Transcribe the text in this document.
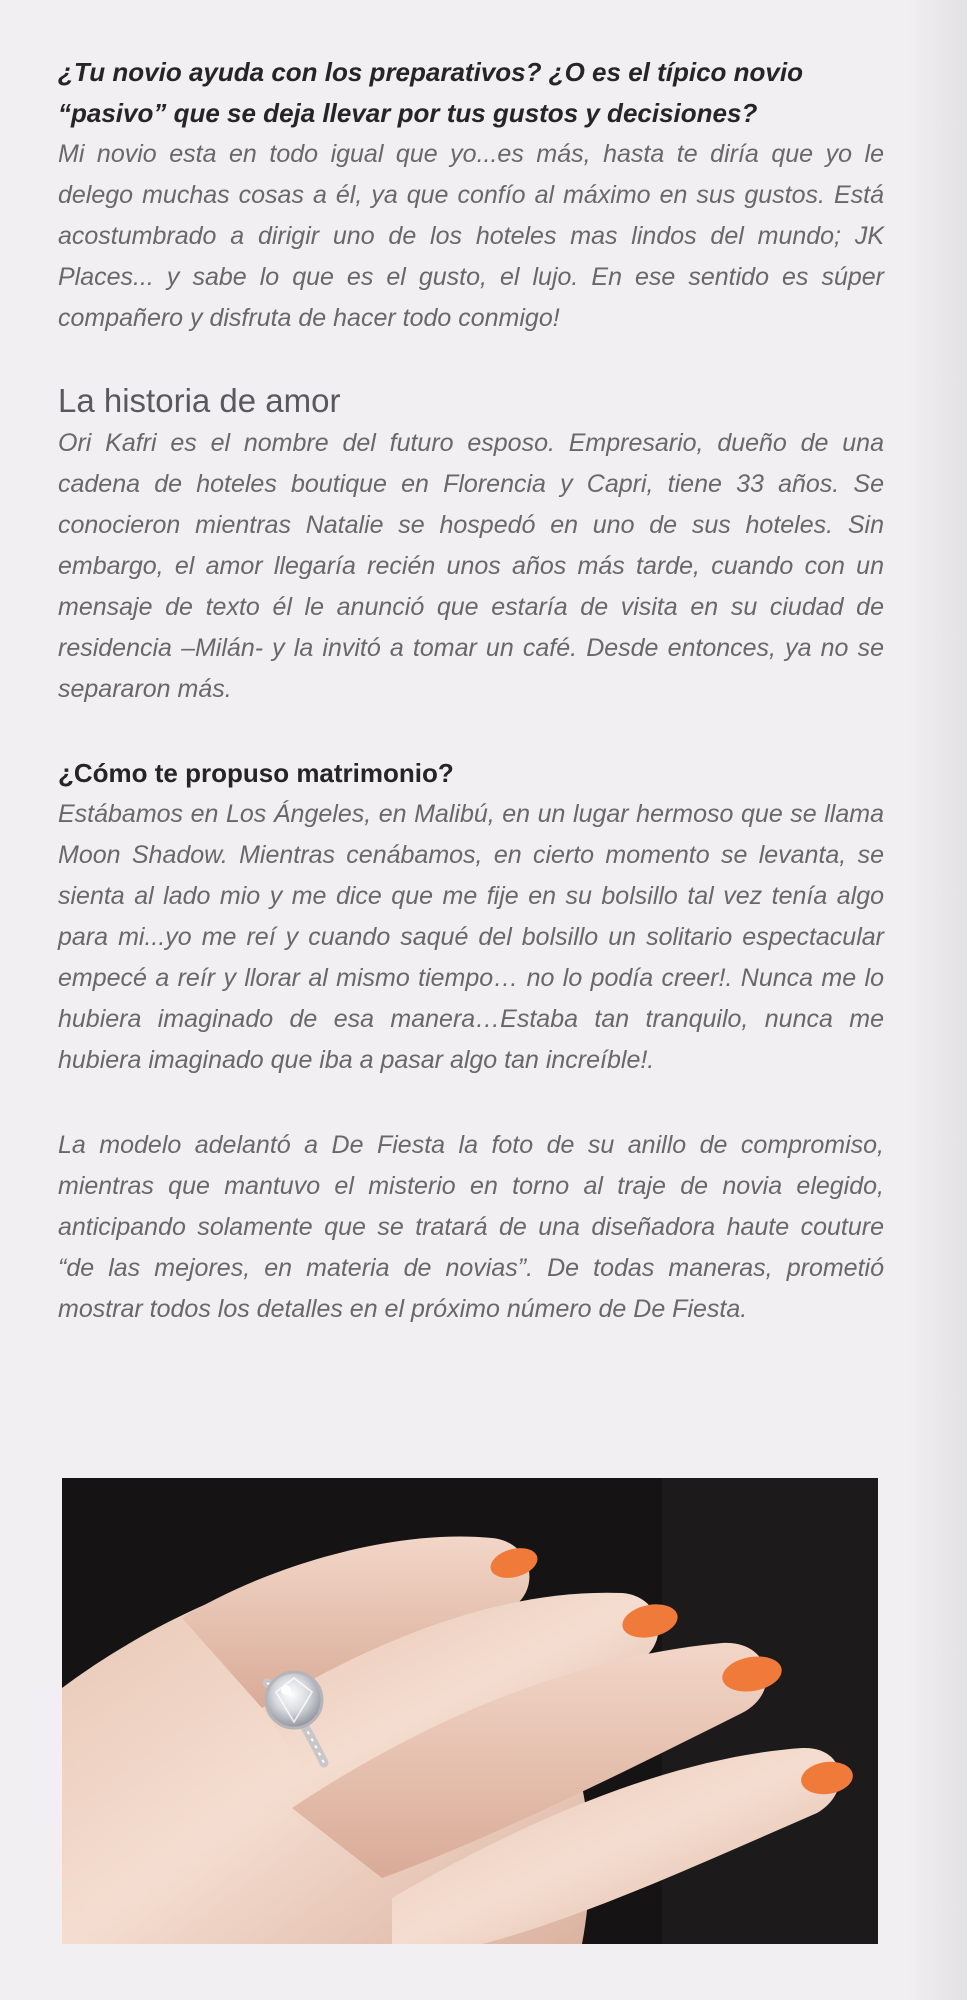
¿Tu novio ayuda con los preparativos? ¿O es el típico novio “pasivo” que se deja llevar por tus gustos y decisiones?

Mi novio esta en todo igual que yo...es más, hasta te diría que yo le delego muchas cosas a él, ya que confío al máximo en sus gustos. Está acostumbrado a dirigir uno de los hoteles mas lindos del mundo; JK Places... y sabe lo que es el gusto, el lujo. En ese sentido es súper compañero y disfruta de hacer todo conmigo!

La historia de amor

Ori Kafri es el nombre del futuro esposo. Empresario, dueño de una cadena de hoteles boutique en Florencia y Capri, tiene 33 años. Se conocieron mientras Natalie se hospedó en uno de sus hoteles. Sin embargo, el amor llegaría recién unos años más tarde, cuando con un mensaje de texto él le anunció que estaría de visita en su ciudad de residencia –Milán- y la invitó a tomar un café. Desde entonces, ya no se separaron más.

¿Cómo te propuso matrimonio?

Estábamos en Los Ángeles, en Malibú, en un lugar hermoso que se llama Moon Shadow. Mientras cenábamos, en cierto momento se levanta, se sienta al lado mio y me dice que me fije en su bolsillo tal vez tenía algo para mi...yo me reí y cuando saqué del bolsillo un solitario espectacular empecé a reír y llorar al mismo tiempo… no lo podía creer!. Nunca me lo hubiera imaginado de esa manera…Estaba tan tranquilo, nunca me hubiera imaginado que iba a pasar algo tan increíble!.

La modelo adelantó a De Fiesta la foto de su anillo de compromiso, mientras que mantuvo el misterio en torno al traje de novia elegido, anticipando solamente que se tratará de una diseñadora haute couture “de las mejores, en materia de novias”. De todas maneras, prometió mostrar todos los detalles en el próximo número de De Fiesta.
